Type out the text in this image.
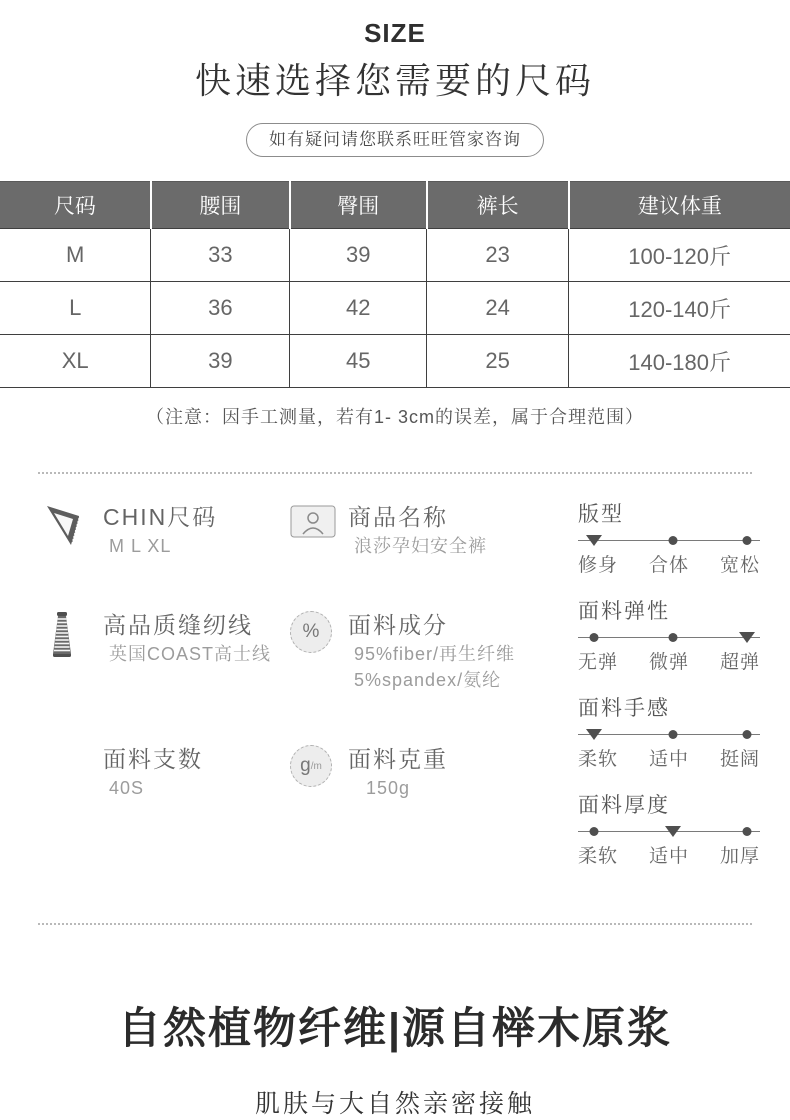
SIZE
快速选择您需要的尺码
如有疑问请您联系旺旺管家咨询
尺码	腰围	臀围	裤长	建议体重
M	33	39	23	100-120斤
L	36	42	24	120-140斤
XL	39	45	25	140-180斤
（注意：因手工测量，若有1- 3cm的误差，属于合理范围）
CHIN尺码
M L XL
商品名称
浪莎孕妇安全裤
高品质缝纫线
英国COAST高士线
% 面料成分
95%fiber/再生纤维
5%spandex/氨纶
面料支数
40S
g /m 面料克重
150g
版型
修身 合体 宽松
面料弹性
无弹 微弹 超弹
面料手感
柔软 适中 挺阔
面料厚度
柔软 适中 加厚
自然植物纤维|源自榉木原浆
肌肤与大自然亲密接触
